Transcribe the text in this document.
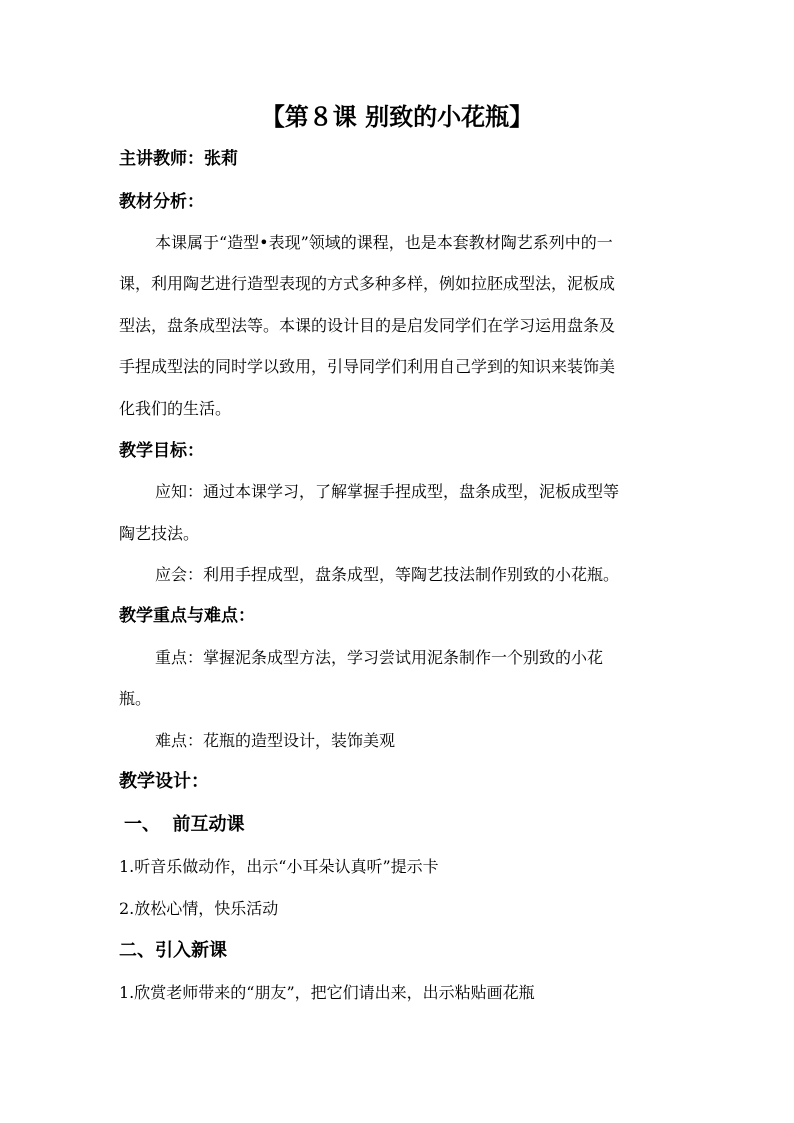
【第８课 别致的小花瓶】
主讲教师：张莉
教材分析：
本课属于“造型•表现”领域的课程，也是本套教材陶艺系列中的一
课，利用陶艺进行造型表现的方式多种多样，例如拉胚成型法，泥板成
型法，盘条成型法等。本课的设计目的是启发同学们在学习运用盘条及
手捏成型法的同时学以致用，引导同学们利用自己学到的知识来装饰美
化我们的生活。
教学目标：
应知：通过本课学习，了解掌握手捏成型，盘条成型，泥板成型等
陶艺技法。
应会：利用手捏成型，盘条成型，等陶艺技法制作别致的小花瓶。
教学重点与难点：
重点：掌握泥条成型方法，学习尝试用泥条制作一个别致的小花
瓶。
难点：花瓶的造型设计，装饰美观
教学设计：
一、  前互动课
1.听音乐做动作，出示“小耳朵认真听”提示卡
2.放松心情，快乐活动
二、引入新课
1.欣赏老师带来的“朋友”，把它们请出来，出示粘贴画花瓶
